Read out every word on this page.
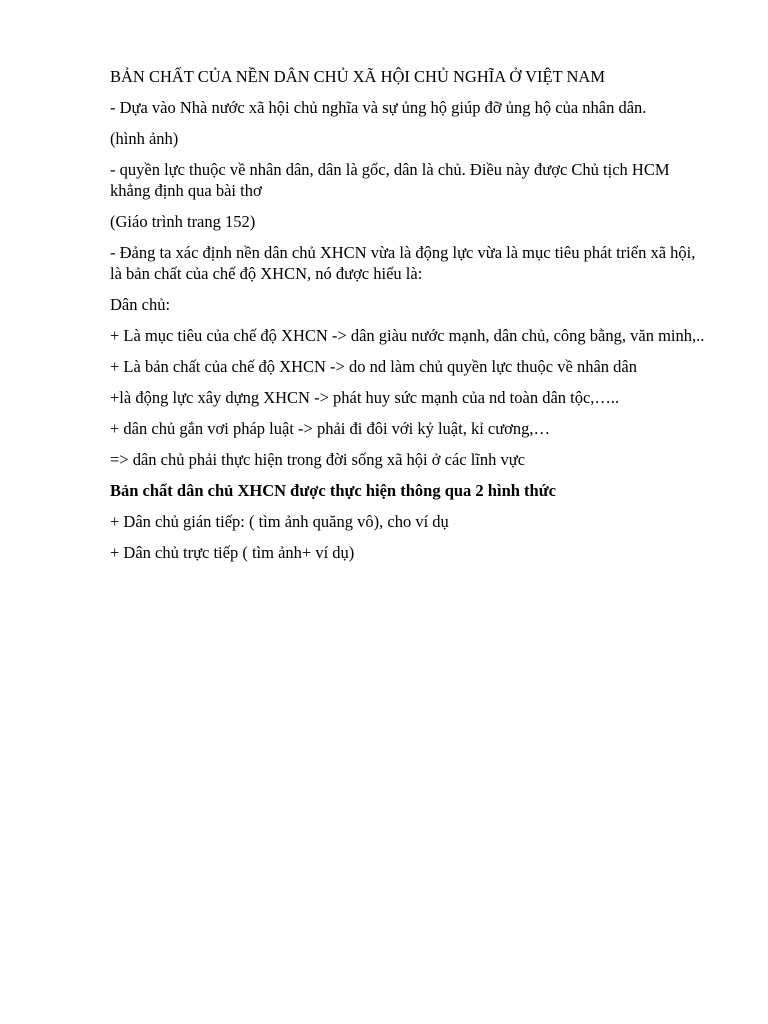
BẢN CHẤT CỦA NỀN DÂN CHỦ XÃ HỘI CHỦ NGHĨA Ở VIỆT NAM

- Dựa vào Nhà nước xã hội chủ nghĩa và sự ủng hộ giúp đỡ ủng hộ của nhân dân.

(hình ảnh)

- quyền lực thuộc về nhân dân, dân là gốc, dân là chủ. Điều này được Chủ tịch HCM khẳng định qua bài thơ

(Giáo trình trang 152)

- Đảng ta xác định nền dân chủ XHCN vừa là động lực vừa là mục tiêu phát triển xã hội, là bản chất của chế độ XHCN, nó được hiểu là:

Dân chủ:

+ Là mục tiêu của chế độ XHCN -> dân giàu nước mạnh, dân chủ, công bằng, văn minh,..

+ Là bản chất của chế độ XHCN -> do nd làm chủ quyền lực thuộc về nhân dân

+là động lực xây dựng XHCN -> phát huy sức mạnh của nd toàn dân tộc,…..

+ dân chủ gắn vơi pháp luật -> phải đi đôi với kỷ luật, kỉ cương,…

=> dân chủ phải thực hiện trong đời sống xã hội ở các lĩnh vực

Bản chất dân chủ XHCN được thực hiện thông qua 2 hình thức

+ Dân chủ gián tiếp: ( tìm ảnh quăng vô), cho ví dụ

+ Dân chủ trực tiếp ( tìm ảnh+ ví dụ)
